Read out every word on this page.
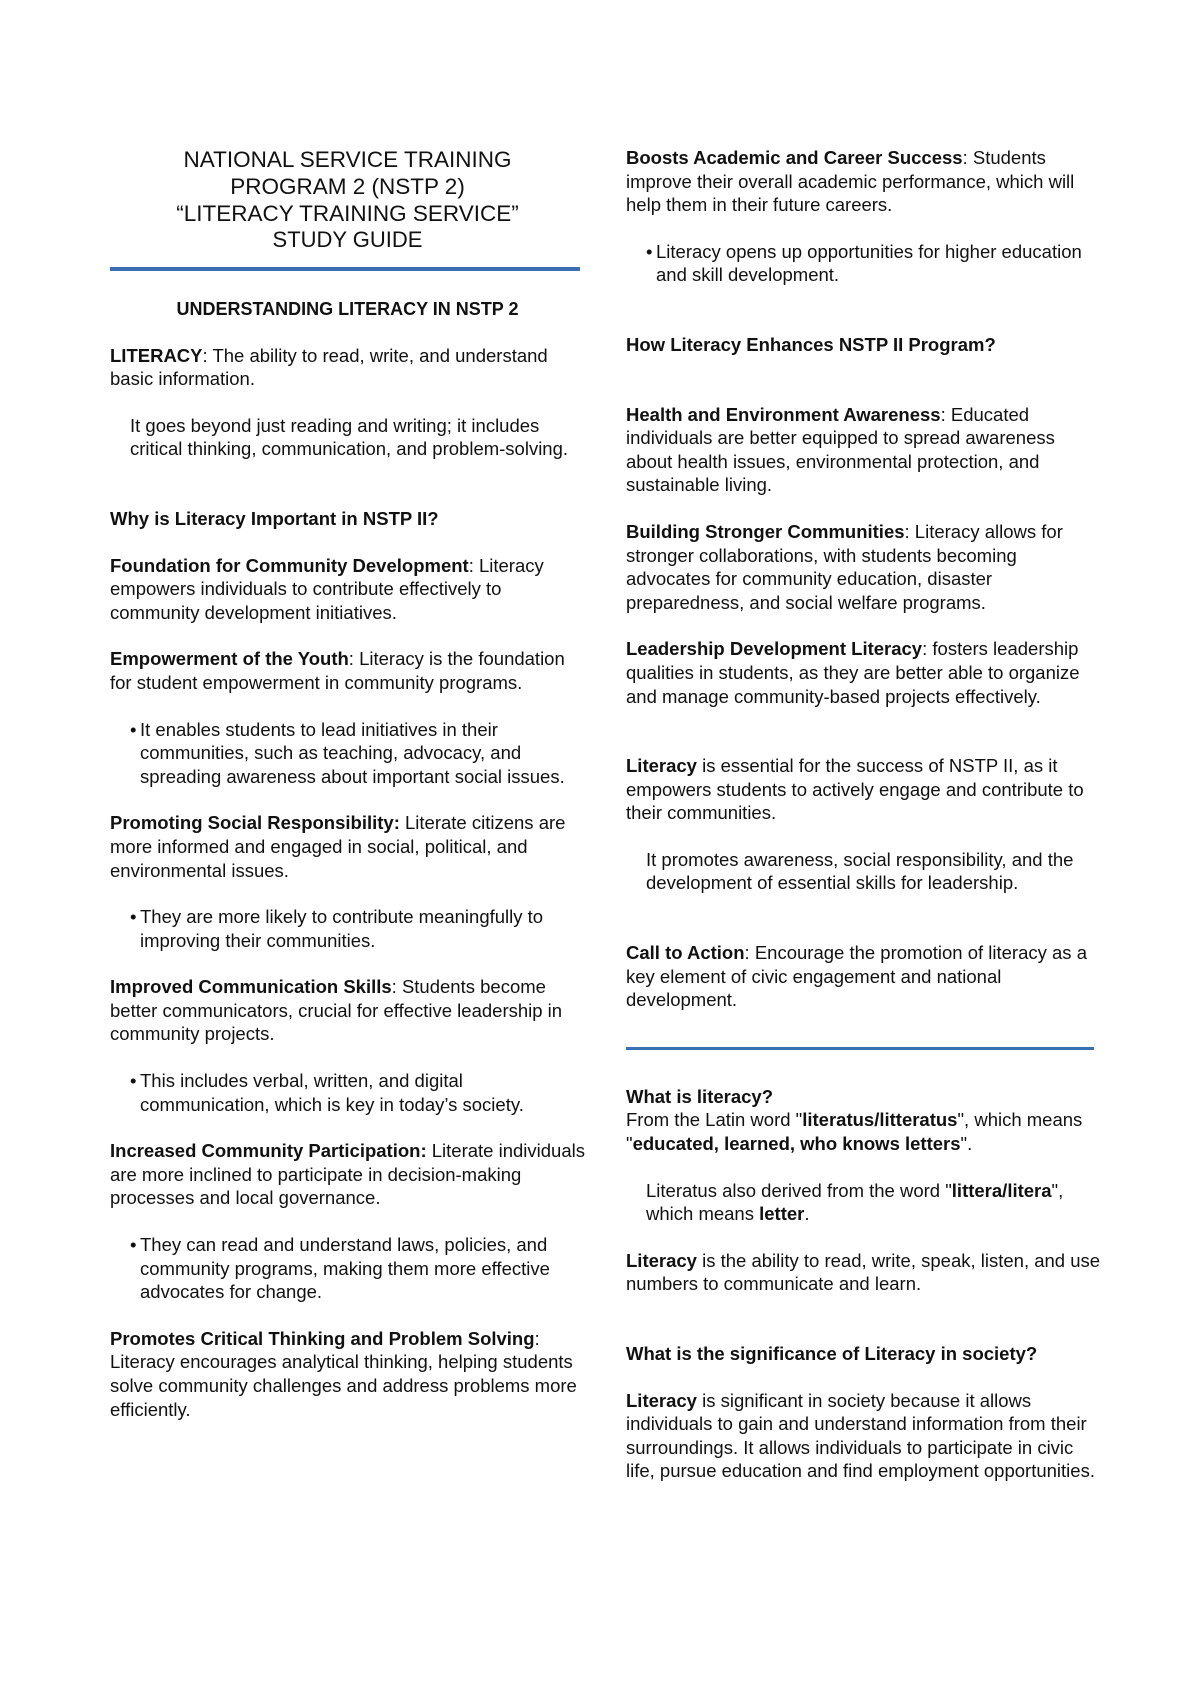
NATIONAL SERVICE TRAINING
PROGRAM 2 (NSTP 2)
“LITERACY TRAINING SERVICE”
STUDY GUIDE

UNDERSTANDING LITERACY IN NSTP 2

LITERACY: The ability to read, write, and understand basic information.

It goes beyond just reading and writing; it includes critical thinking, communication, and problem-solving.

Why is Literacy Important in NSTP II?

Foundation for Community Development: Literacy empowers individuals to contribute effectively to community development initiatives.

Empowerment of the Youth: Literacy is the foundation for student empowerment in community programs.

• It enables students to lead initiatives in their communities, such as teaching, advocacy, and spreading awareness about important social issues.

Promoting Social Responsibility: Literate citizens are more informed and engaged in social, political, and environmental issues.

• They are more likely to contribute meaningfully to improving their communities.

Improved Communication Skills: Students become better communicators, crucial for effective leadership in community projects.

• This includes verbal, written, and digital communication, which is key in today’s society.

Increased Community Participation: Literate individuals are more inclined to participate in decision-making processes and local governance.

• They can read and understand laws, policies, and community programs, making them more effective advocates for change.

Promotes Critical Thinking and Problem Solving: Literacy encourages analytical thinking, helping students solve community challenges and address problems more efficiently.

Boosts Academic and Career Success: Students improve their overall academic performance, which will help them in their future careers.

• Literacy opens up opportunities for higher education and skill development.

How Literacy Enhances NSTP II Program?

Health and Environment Awareness: Educated individuals are better equipped to spread awareness about health issues, environmental protection, and sustainable living.

Building Stronger Communities: Literacy allows for stronger collaborations, with students becoming advocates for community education, disaster preparedness, and social welfare programs.

Leadership Development Literacy: fosters leadership qualities in students, as they are better able to organize and manage community-based projects effectively.

Literacy is essential for the success of NSTP II, as it empowers students to actively engage and contribute to their communities.

It promotes awareness, social responsibility, and the development of essential skills for leadership.

Call to Action: Encourage the promotion of literacy as a key element of civic engagement and national development.

What is literacy?

From the Latin word "literatus/litteratus", which means "educated, learned, who knows letters".

Literatus also derived from the word "littera/litera", which means letter.

Literacy is the ability to read, write, speak, listen, and use numbers to communicate and learn.

What is the significance of Literacy in society?

Literacy is significant in society because it allows individuals to gain and understand information from their surroundings. It allows individuals to participate in civic life, pursue education and find employment opportunities.
